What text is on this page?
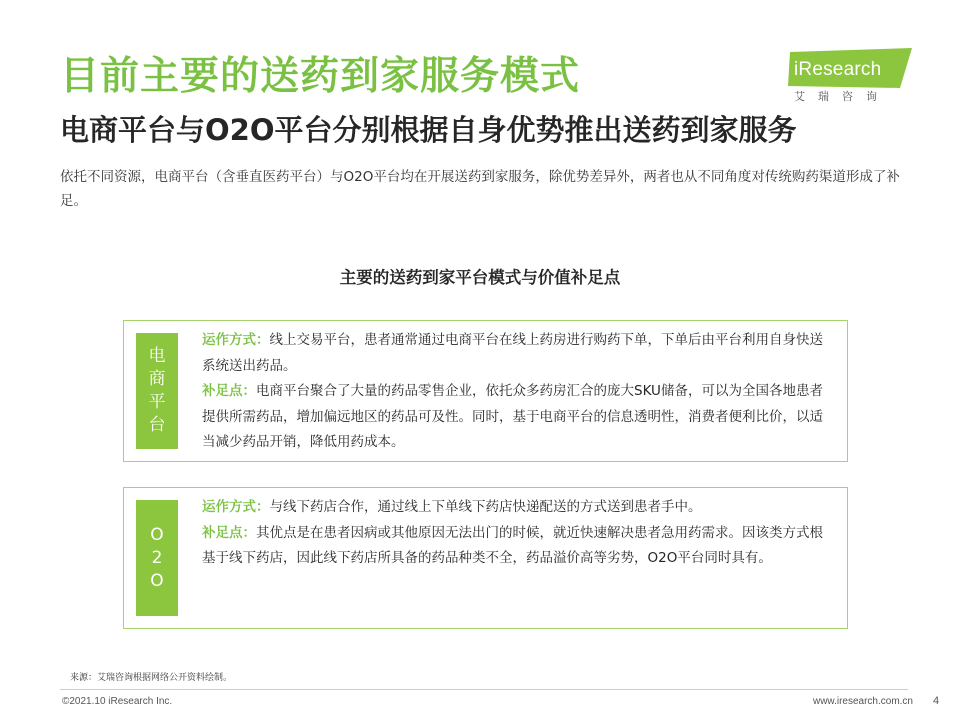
目前主要的送药到家服务模式
电商平台与O2O平台分别根据自身优势推出送药到家服务
iResearch
艾瑞咨询

依托不同资源，电商平台（含垂直医药平台）与O2O平台均在开展送药到家服务，除优势差异外，两者也从不同角度对传统购药渠道形成了补足。

主要的送药到家平台模式与价值补足点
电
商
平
台

运作方式：线上交易平台，患者通常通过电商平台在线上药房进行购药下单，下单后由平台利用自身快送系统送出药品。

补足点：电商平台聚合了大量的药品零售企业，依托众多药房汇合的庞大SKU储备，可以为全国各地患者提供所需药品，增加偏远地区的药品可及性。同时，基于电商平台的信息透明性，消费者便利比价，以适当减少药品开销，降低用药成本。

O
2
O

运作方式：与线下药店合作，通过线上下单线下药店快递配送的方式送到患者手中。

补足点：其优点是在患者因病或其他原因无法出门的时候，就近快速解决患者急用药需求。因该类方式根基于线下药店，因此线下药店所具备的药品种类不全，药品溢价高等劣势，O2O平台同时具有。

来源：艾瑞咨询根据网络公开资料绘制。
©2021.10 iResearch Inc.	www.iresearch.com.cn 4
